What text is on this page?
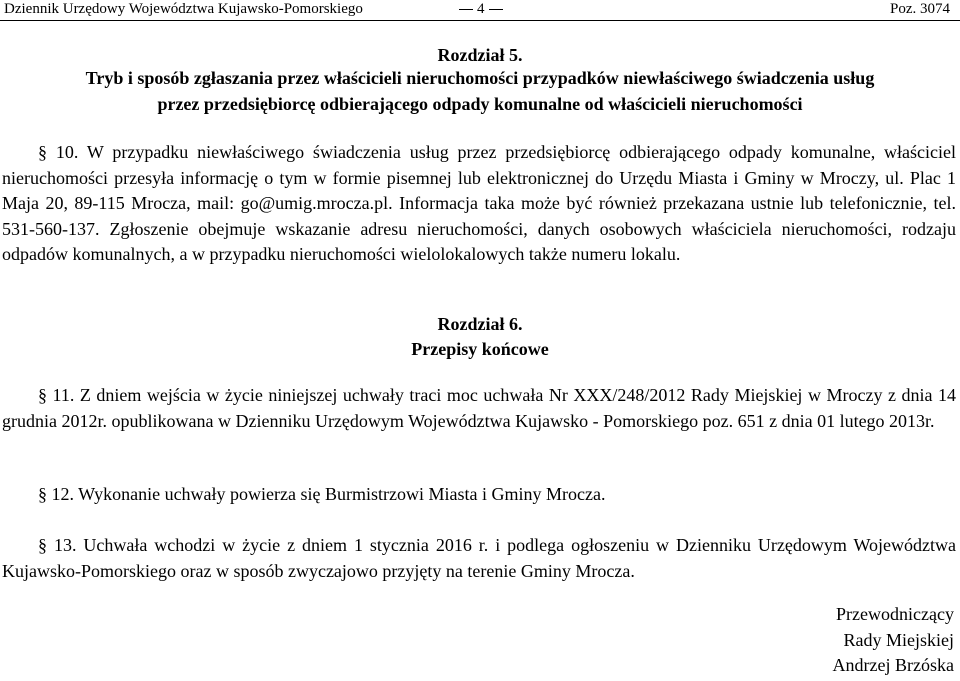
Dziennik Urzędowy Województwa Kujawsko-Pomorskiego	4	Poz. 3074
Rozdział 5.
Tryb i sposób zgłaszania przez właścicieli nieruchomości przypadków niewłaściwego świadczenia usług
przez przedsiębiorcę odbierającego odpady komunalne od właścicieli nieruchomości
§ 10. W przypadku niewłaściwego świadczenia usług przez przedsiębiorcę odbierającego odpady komunalne, właściciel nieruchomości przesyła informację o tym w formie pisemnej lub elektronicznej do Urzędu Miasta i Gminy w Mroczy, ul. Plac 1 Maja 20, 89-115 Mrocza, mail: go@umig.mrocza.pl. Informacja taka może być również przekazana ustnie lub telefonicznie, tel. 531-560-137. Zgłoszenie obejmuje wskazanie adresu nieruchomości, danych osobowych właściciela nieruchomości, rodzaju odpadów komunalnych, a w przypadku nieruchomości wielolokalowych także numeru lokalu.
Rozdział 6.
Przepisy końcowe
§ 11. Z dniem wejścia w życie niniejszej uchwały traci moc uchwała Nr XXX/248/2012 Rady Miejskiej w Mroczy z dnia 14 grudnia 2012r. opublikowana w Dzienniku Urzędowym Województwa Kujawsko - Pomorskiego poz. 651 z dnia 01 lutego 2013r.
§ 12. Wykonanie uchwały powierza się Burmistrzowi Miasta i Gminy Mrocza.
§ 13. Uchwała wchodzi w życie z dniem 1 stycznia 2016 r. i podlega ogłoszeniu w Dzienniku Urzędowym Województwa Kujawsko-Pomorskiego oraz w sposób zwyczajowo przyjęty na terenie Gminy Mrocza.
Przewodniczący
Rady Miejskiej
Andrzej Brzóska
